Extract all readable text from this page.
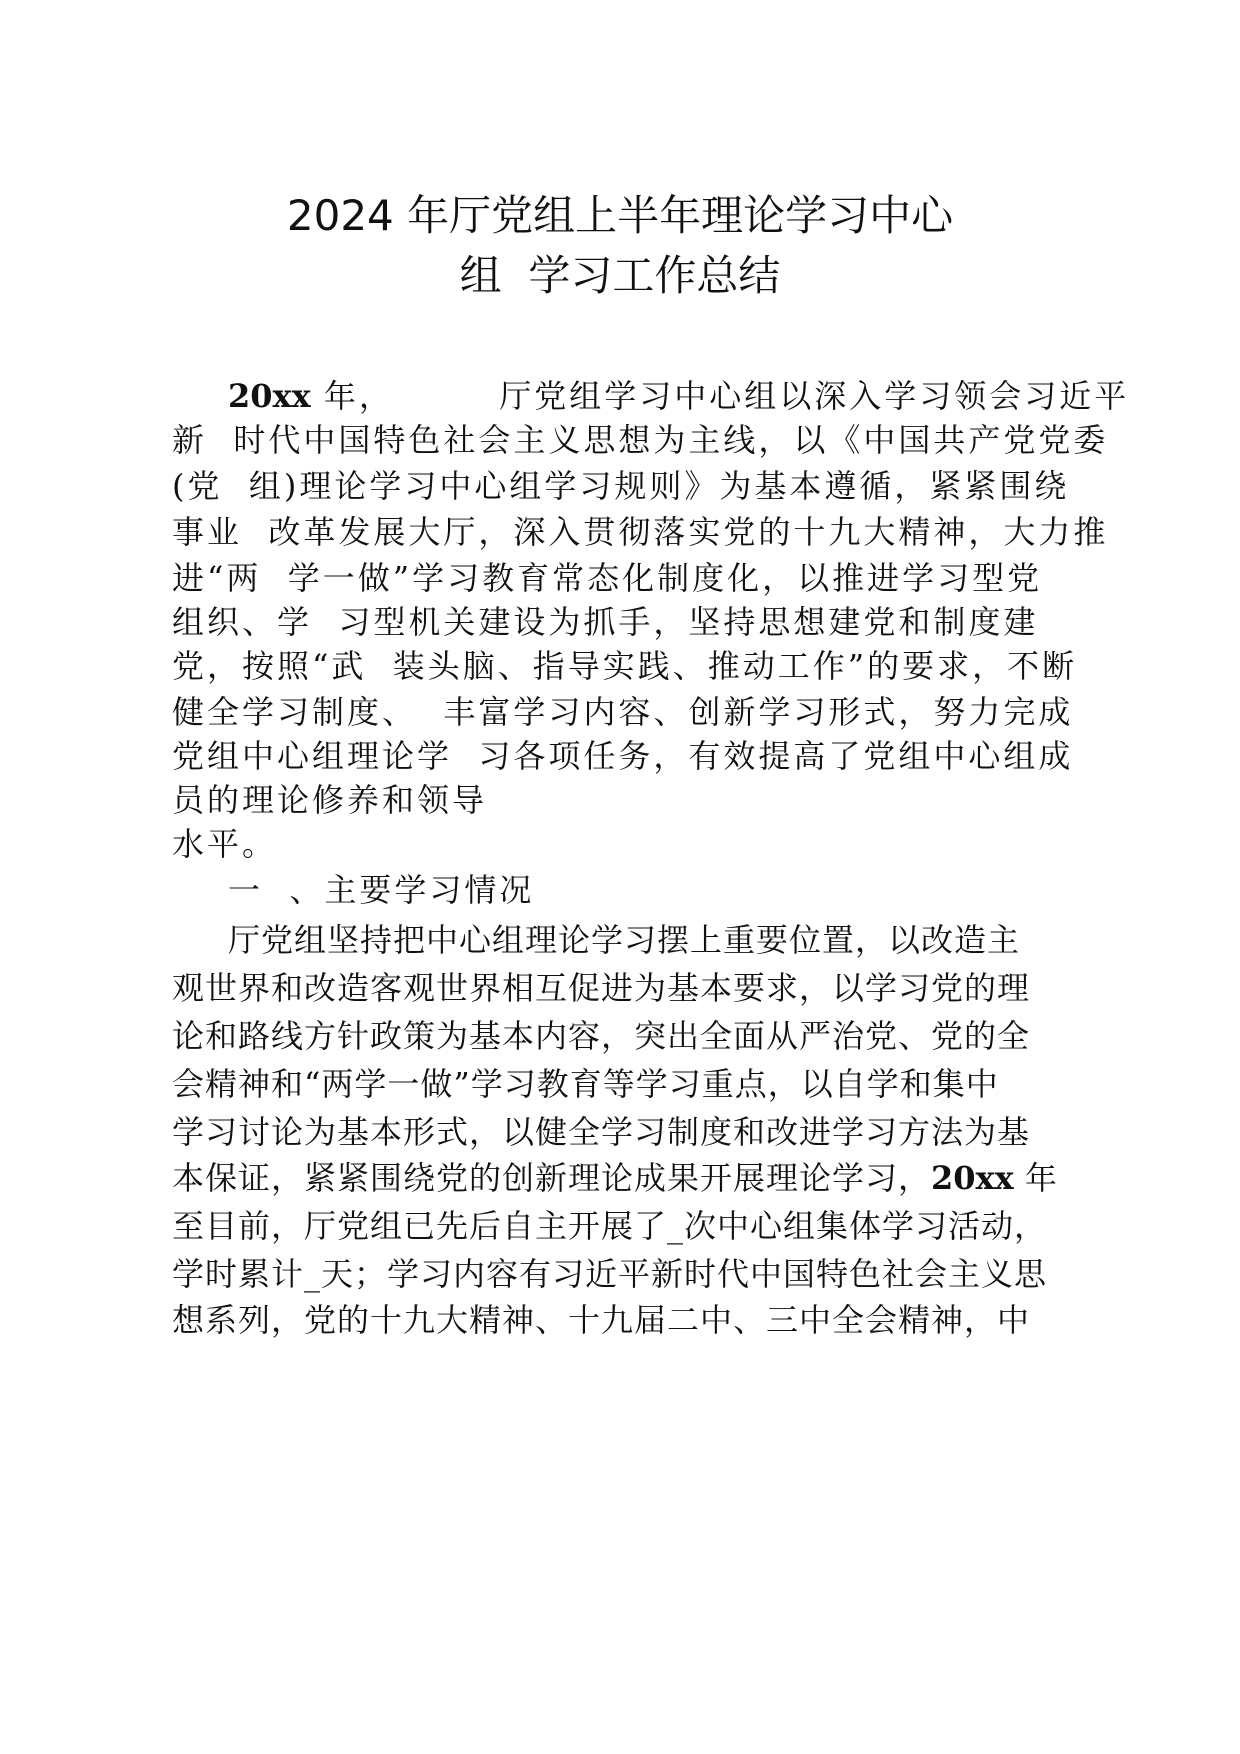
2024 年厅党组上半年理论学习中心
组  学习工作总结
20xx 年，        厅党组学习中心组以深入学习领会习近平
新  时代中国特色社会主义思想为主线，以《中国共产党党委
(党  组)理论学习中心组学习规则》为基本遵循，紧紧围绕
事业  改革发展大厅，深入贯彻落实党的十九大精神，大力推
进“两  学一做”学习教育常态化制度化，以推进学习型党
组织、学  习型机关建设为抓手，坚持思想建党和制度建
党，按照“武  装头脑、指导实践、推动工作”的要求，不断
健全学习制度、  丰富学习内容、创新学习形式，努力完成
党组中心组理论学  习各项任务，有效提高了党组中心组成
员的理论修养和领导
水平。
一  、主要学习情况
厅党组坚持把中心组理论学习摆上重要位置，以改造主
观世界和改造客观世界相互促进为基本要求，以学习党的理
论和路线方针政策为基本内容，突出全面从严治党、党的全
会精神和“两学一做”学习教育等学习重点，以自学和集中
学习讨论为基本形式，以健全学习制度和改进学习方法为基
本保证，紧紧围绕党的创新理论成果开展理论学习，20xx 年
至目前，厅党组已先后自主开展了_次中心组集体学习活动，
学时累计_天；学习内容有习近平新时代中国特色社会主义思
想系列，党的十九大精神、十九届二中、三中全会精神，中
